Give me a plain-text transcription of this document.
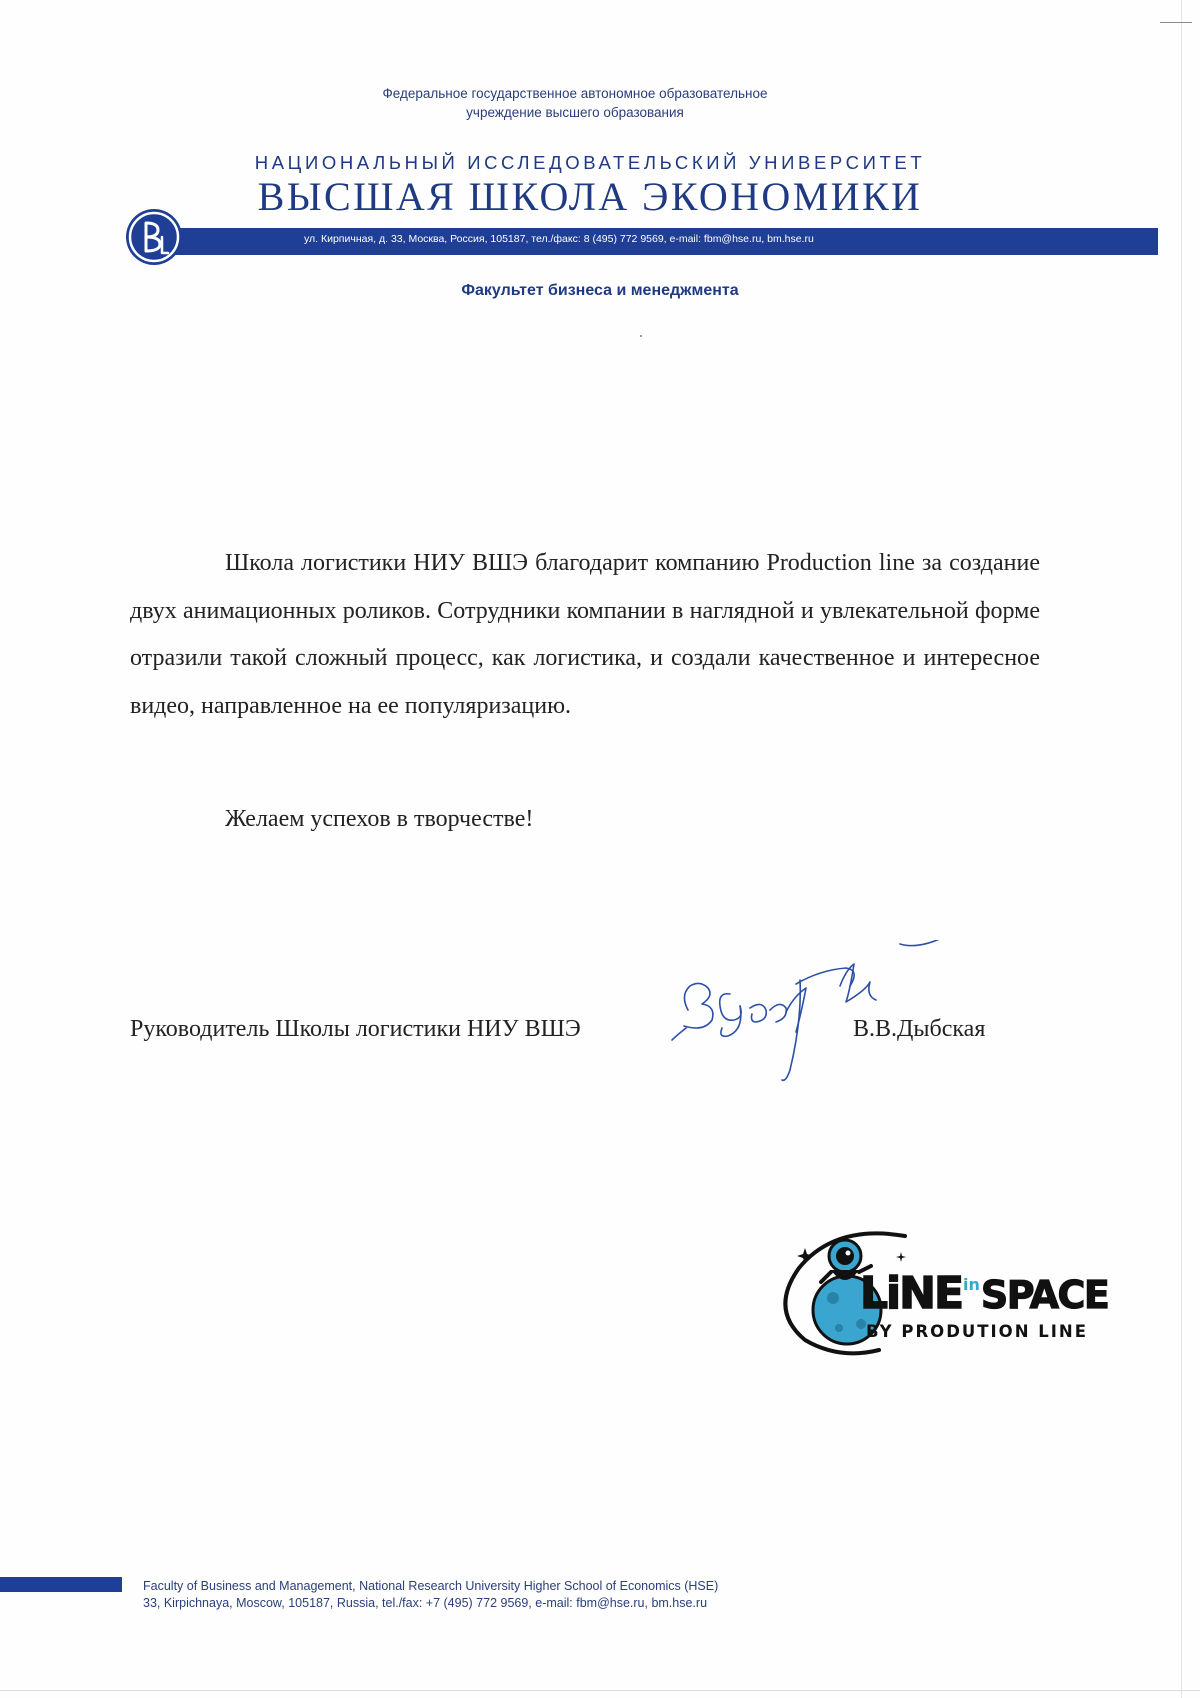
Федеральное государственное автономное образовательное
учреждение высшего образования
НАЦИОНАЛЬНЫЙ ИССЛЕДОВАТЕЛЬСКИЙ УНИВЕРСИТЕТ
ВЫСШАЯ ШКОЛА ЭКОНОМИКИ
ул. Кирпичная, д. 33, Москва, Россия, 105187, тел./факс: 8 (495) 772 9569, e-mail: fbm@hse.ru, bm.hse.ru
Факультет бизнеса и менеджмента

Школа логистики НИУ ВШЭ благодарит компанию Production line за создание двух анимационных роликов. Сотрудники компании в наглядной и увлекательной форме отразили такой сложный процесс, как логистика, и создали качественное и интересное видео, направленное на ее популяризацию.

Желаем успехов в творчестве!
Руководитель Школы логистики НИУ ВШЭ	В.В.Дыбская
LiNEinSPACE
BY PRODUTION LINE
Faculty of Business and Management, National Research University Higher School of Economics (HSE)
33, Kirpichnaya, Moscow, 105187, Russia, tel./fax: +7 (495) 772 9569, e-mail: fbm@hse.ru, bm.hse.ru
